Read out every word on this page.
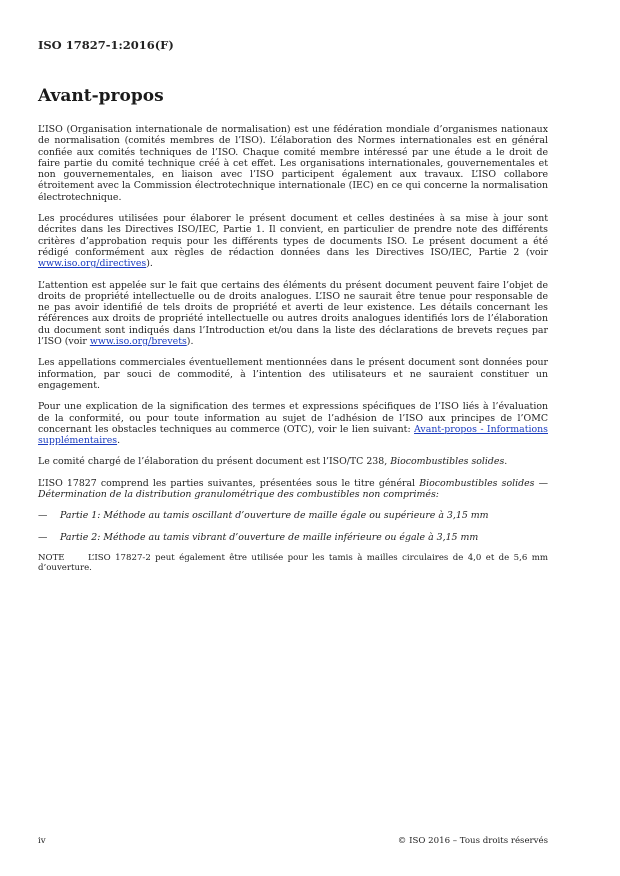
ISO 17827-1:2016(F)
Avant-propos

L’ISO (Organisation internationale de normalisation) est une fédération mondiale d’organismes nationaux de normalisation (comités membres de l’ISO). L’élaboration des Normes internationales est en général confiée aux comités techniques de l’ISO. Chaque comité membre intéressé par une étude a le droit de faire partie du comité technique créé à cet effet. Les organisations internationales, gouvernementales et non gouvernementales, en liaison avec l’ISO participent également aux travaux. L’ISO collabore étroitement avec la Commission électrotechnique internationale (IEC) en ce qui concerne la normalisation électrotechnique.

Les procédures utilisées pour élaborer le présent document et celles destinées à sa mise à jour sont décrites dans les Directives ISO/IEC, Partie 1. Il convient, en particulier de prendre note des différents critères d’approbation requis pour les différents types de documents ISO. Le présent document a été rédigé conformément aux règles de rédaction données dans les Directives ISO/IEC, Partie 2 (voir www.iso.org/directives).

L’attention est appelée sur le fait que certains des éléments du présent document peuvent faire l’objet de droits de propriété intellectuelle ou de droits analogues. L’ISO ne saurait être tenue pour responsable de ne pas avoir identifié de tels droits de propriété et averti de leur existence. Les détails concernant les références aux droits de propriété intellectuelle ou autres droits analogues identifiés lors de l’élaboration du document sont indiqués dans l’Introduction et/ou dans la liste des déclarations de brevets reçues par l’ISO (voir www.iso.org/brevets).

Les appellations commerciales éventuellement mentionnées dans le présent document sont données pour information, par souci de commodité, à l’intention des utilisateurs et ne sauraient constituer un engagement.

Pour une explication de la signification des termes et expressions spécifiques de l’ISO liés à l’évaluation de la conformité, ou pour toute information au sujet de l’adhésion de l’ISO aux principes de l’OMC concernant les obstacles techniques au commerce (OTC), voir le lien suivant: Avant-propos - Informations supplémentaires.

Le comité chargé de l’élaboration du présent document est l’ISO/TC 238, Biocombustibles solides.

L’ISO 17827 comprend les parties suivantes, présentées sous le titre général Biocombustibles solides — Détermination de la distribution granulométrique des combustibles non comprimés:

—	Partie 1: Méthode au tamis oscillant d’ouverture de maille égale ou supérieure à 3,15 mm
—	Partie 2: Méthode au tamis vibrant d’ouverture de maille inférieure ou égale à 3,15 mm

NOTE	L’ISO 17827-2 peut également être utilisée pour les tamis à mailles circulaires de 4,0 et de 5,6 mm d’ouverture.

iv	© ISO 2016 – Tous droits réservés
